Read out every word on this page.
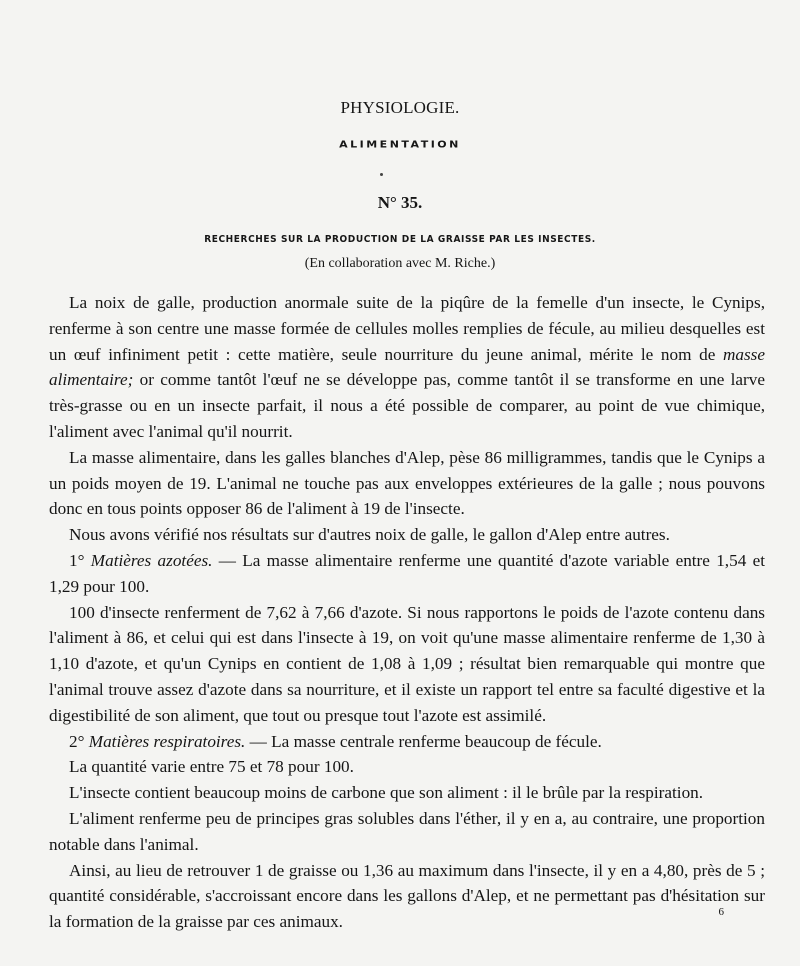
PHYSIOLOGIE.
ALIMENTATION
N° 35.
RECHERCHES SUR LA PRODUCTION DE LA GRAISSE PAR LES INSECTES.
(En collaboration avec M. Riche.)

La noix de galle, production anormale suite de la piqûre de la femelle d'un insecte, le Cynips, renferme à son centre une masse formée de cellules molles remplies de fécule, au milieu desquelles est un œuf infiniment petit : cette matière, seule nourriture du jeune animal, mérite le nom de masse alimentaire; or comme tantôt l'œuf ne se développe pas, comme tantôt il se transforme en une larve très-grasse ou en un insecte parfait, il nous a été possible de comparer, au point de vue chimique, l'aliment avec l'animal qu'il nourrit.

La masse alimentaire, dans les galles blanches d'Alep, pèse 86 milligrammes, tandis que le Cynips a un poids moyen de 19. L'animal ne touche pas aux enveloppes extérieures de la galle ; nous pouvons donc en tous points opposer 86 de l'aliment à 19 de l'insecte.

Nous avons vérifié nos résultats sur d'autres noix de galle, le gallon d'Alep entre autres.

1° Matières azotées. — La masse alimentaire renferme une quantité d'azote variable entre 1,54 et 1,29 pour 100.

100 d'insecte renferment de 7,62 à 7,66 d'azote. Si nous rapportons le poids de l'azote contenu dans l'aliment à 86, et celui qui est dans l'insecte à 19, on voit qu'une masse alimentaire renferme de 1,30 à 1,10 d'azote, et qu'un Cynips en contient de 1,08 à 1,09 ; résultat bien remarquable qui montre que l'animal trouve assez d'azote dans sa nourriture, et il existe un rapport tel entre sa faculté digestive et la digestibilité de son aliment, que tout ou presque tout l'azote est assimilé.

2° Matières respiratoires. — La masse centrale renferme beaucoup de fécule.

La quantité varie entre 75 et 78 pour 100.

L'insecte contient beaucoup moins de carbone que son aliment : il le brûle par la respiration.

L'aliment renferme peu de principes gras solubles dans l'éther, il y en a, au contraire, une proportion notable dans l'animal.

Ainsi, au lieu de retrouver 1 de graisse ou 1,36 au maximum dans l'insecte, il y en a 4,80, près de 5 ; quantité considérable, s'accroissant encore dans les gallons d'Alep, et ne permettant pas d'hésitation sur la formation de la graisse par ces animaux.

6
